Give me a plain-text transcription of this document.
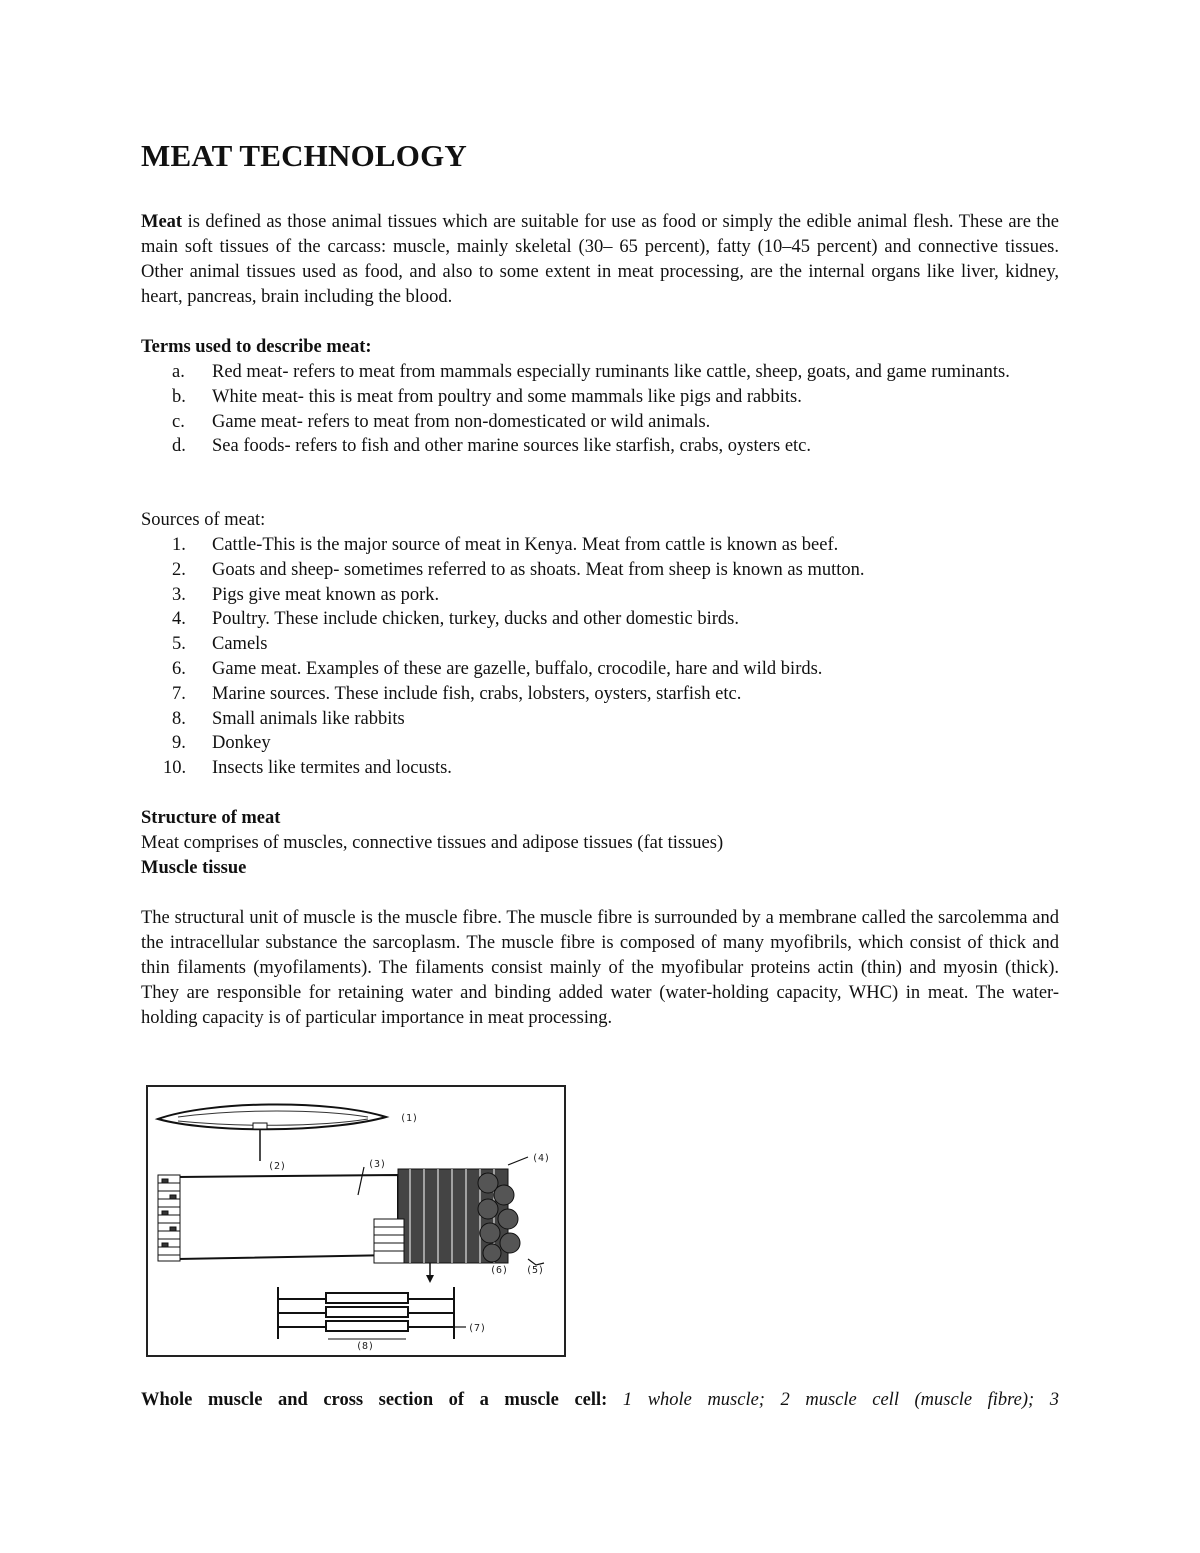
MEAT TECHNOLOGY

Meat is defined as those animal tissues which are suitable for use as food or simply the edible animal flesh. These are the main soft tissues of the carcass: muscle, mainly skeletal (30– 65 percent), fatty (10–45 percent) and connective tissues. Other animal tissues used as food, and also to some extent in meat processing, are the internal organs like liver, kidney, heart, pancreas, brain including the blood.

Terms used to describe meat:

a. Red meat- refers to meat from mammals especially ruminants like cattle, sheep, goats, and game ruminants.
b. White meat- this is meat from poultry and some mammals like pigs and rabbits.
c. Game meat- refers to meat from non-domesticated or wild animals.
d. Sea foods- refers to fish and other marine sources like starfish, crabs, oysters etc.

Sources of meat:

1. Cattle-This is the major source of meat in Kenya. Meat from cattle is known as beef.
2. Goats and sheep- sometimes referred to as shoats. Meat from sheep is known as mutton.
3. Pigs give meat known as pork.
4. Poultry. These include chicken, turkey, ducks and other domestic birds.
5. Camels
6. Game meat. Examples of these are gazelle, buffalo, crocodile, hare and wild birds.
7. Marine sources. These include fish, crabs, lobsters, oysters, starfish etc.
8. Small animals like rabbits
9. Donkey
10. Insects like termites and locusts.

Structure of meat

Meat comprises of muscles, connective tissues and adipose tissues (fat tissues)

Muscle tissue

The structural unit of muscle is the muscle fibre. The muscle fibre is surrounded by a membrane called the sarcolemma and the intracellular substance the sarcoplasm. The muscle fibre is composed of many myofibrils, which consist of thick and thin filaments (myofilaments). The filaments consist mainly of the myofibular proteins actin (thin) and myosin (thick). They are responsible for retaining water and binding added water (water-holding capacity, WHC) in meat. The water-holding capacity is of particular importance in meat processing.

(1)
(2)	(3)
(4)
(5)
(6)
(7)
(8)

Whole muscle and cross section of a muscle cell: 1 whole muscle; 2 muscle cell (muscle fibre); 3
